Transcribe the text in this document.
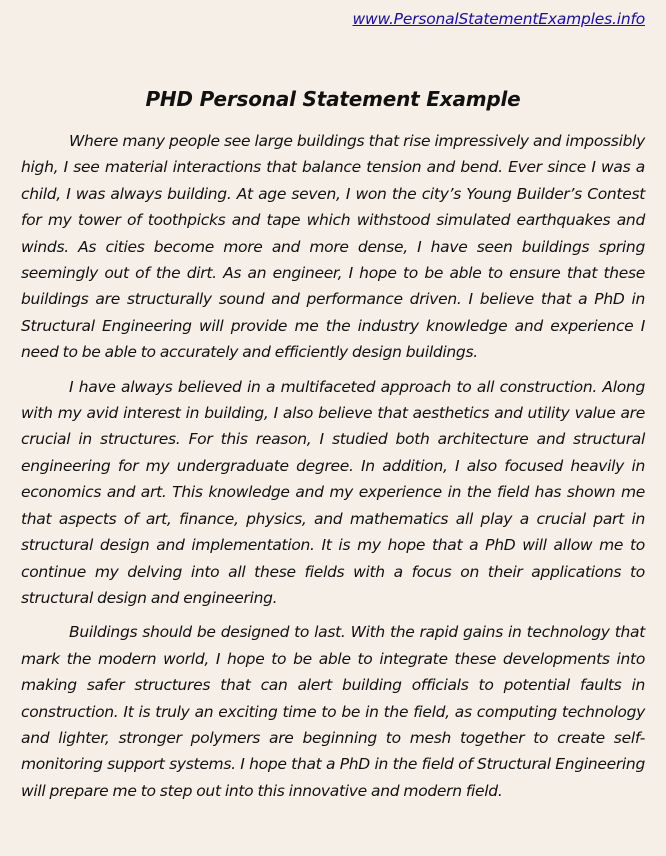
www.PersonalStatementExamples.info
PHD Personal Statement Example

Where many people see large buildings that rise impressively and impossibly high, I see material interactions that balance tension and bend. Ever since I was a child, I was always building. At age seven, I won the city’s Young Builder’s Contest for my tower of toothpicks and tape which withstood simulated earthquakes and winds. As cities become more and more dense, I have seen buildings spring seemingly out of the dirt. As an engineer, I hope to be able to ensure that these buildings are structurally sound and performance driven. I believe that a PhD in Structural Engineering will provide me the industry knowledge and experience I need to be able to accurately and efficiently design buildings.

I have always believed in a multifaceted approach to all construction. Along with my avid interest in building, I also believe that aesthetics and utility value are crucial in structures. For this reason, I studied both architecture and structural engineering for my undergraduate degree. In addition, I also focused heavily in economics and art. This knowledge and my experience in the field has shown me that aspects of art, finance, physics, and mathematics all play a crucial part in structural design and implementation. It is my hope that a PhD will allow me to continue my delving into all these fields with a focus on their applications to structural design and engineering.

Buildings should be designed to last. With the rapid gains in technology that mark the modern world, I hope to be able to integrate these developments into making safer structures that can alert building officials to potential faults in construction. It is truly an exciting time to be in the field, as computing technology and lighter, stronger polymers are beginning to mesh together to create self-monitoring support systems. I hope that a PhD in the field of Structural Engineering will prepare me to step out into this innovative and modern field.
